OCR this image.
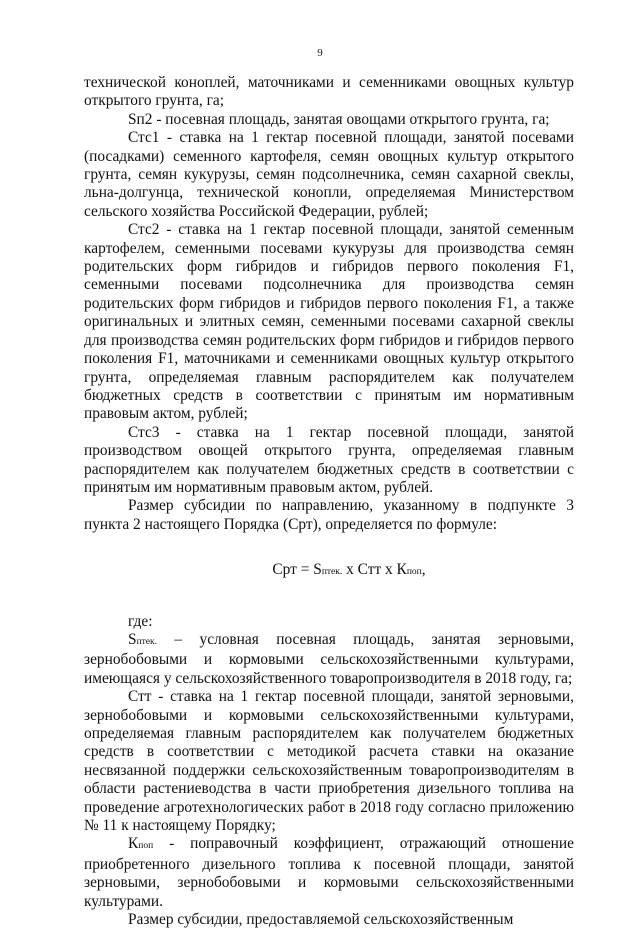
9

технической коноплей, маточниками и семенниками овощных культур открытого грунта, га;

Sп2 - посевная площадь, занятая овощами открытого грунта, га;

Стс1 - ставка на 1 гектар посевной площади, занятой посевами (посадками) семенного картофеля, семян овощных культур открытого грунта, семян кукурузы, семян подсолнечника, семян сахарной свеклы, льна-долгунца, технической конопли, определяемая Министерством сельского хозяйства Российской Федерации, рублей;

Стс2 - ставка на 1 гектар посевной площади, занятой семенным картофелем, семенными посевами кукурузы для производства семян родительских форм гибридов и гибридов первого поколения F1, семенными посевами подсолнечника для производства семян родительских форм гибридов и гибридов первого поколения F1, а также оригинальных и элитных семян, семенными посевами сахарной свеклы для производства семян родительских форм гибридов и гибридов первого поколения F1, маточниками и семенниками овощных культур открытого грунта, определяемая главным распорядителем как получателем бюджетных средств в соответствии с принятым им нормативным правовым актом, рублей;

Стс3 - ставка на 1 гектар посевной площади, занятой производством овощей открытого грунта, определяемая главным распорядителем как получателем бюджетных средств в соответствии с принятым им нормативным правовым актом, рублей.

Размер субсидии по направлению, указанному в подпункте 3 пункта 2 настоящего Порядка (Срт), определяется по формуле:

Срт = Sптек. х Стт х Кпоп,

где:

Sптек. – условная посевная площадь, занятая зерновыми, зернобобовыми и кормовыми сельскохозяйственными культурами, имеющаяся у сельскохозяйственного товаропроизводителя в 2018 году, га;

Стт - ставка на 1 гектар посевной площади, занятой зерновыми, зернобобовыми и кормовыми сельскохозяйственными культурами, определяемая главным распорядителем как получателем бюджетных средств в соответствии с методикой расчета ставки на оказание несвязанной поддержки сельскохозяйственным товаропроизводителям в области растениеводства в части приобретения дизельного топлива на проведение агротехнологических работ в 2018 году согласно приложению № 11 к настоящему Порядку;

Кпоп - поправочный коэффициент, отражающий отношение приобретенного дизельного топлива к посевной площади, занятой зерновыми, зернобобовыми и кормовыми сельскохозяйственными культурами.

Размер субсидии, предоставляемой сельскохозяйственным
